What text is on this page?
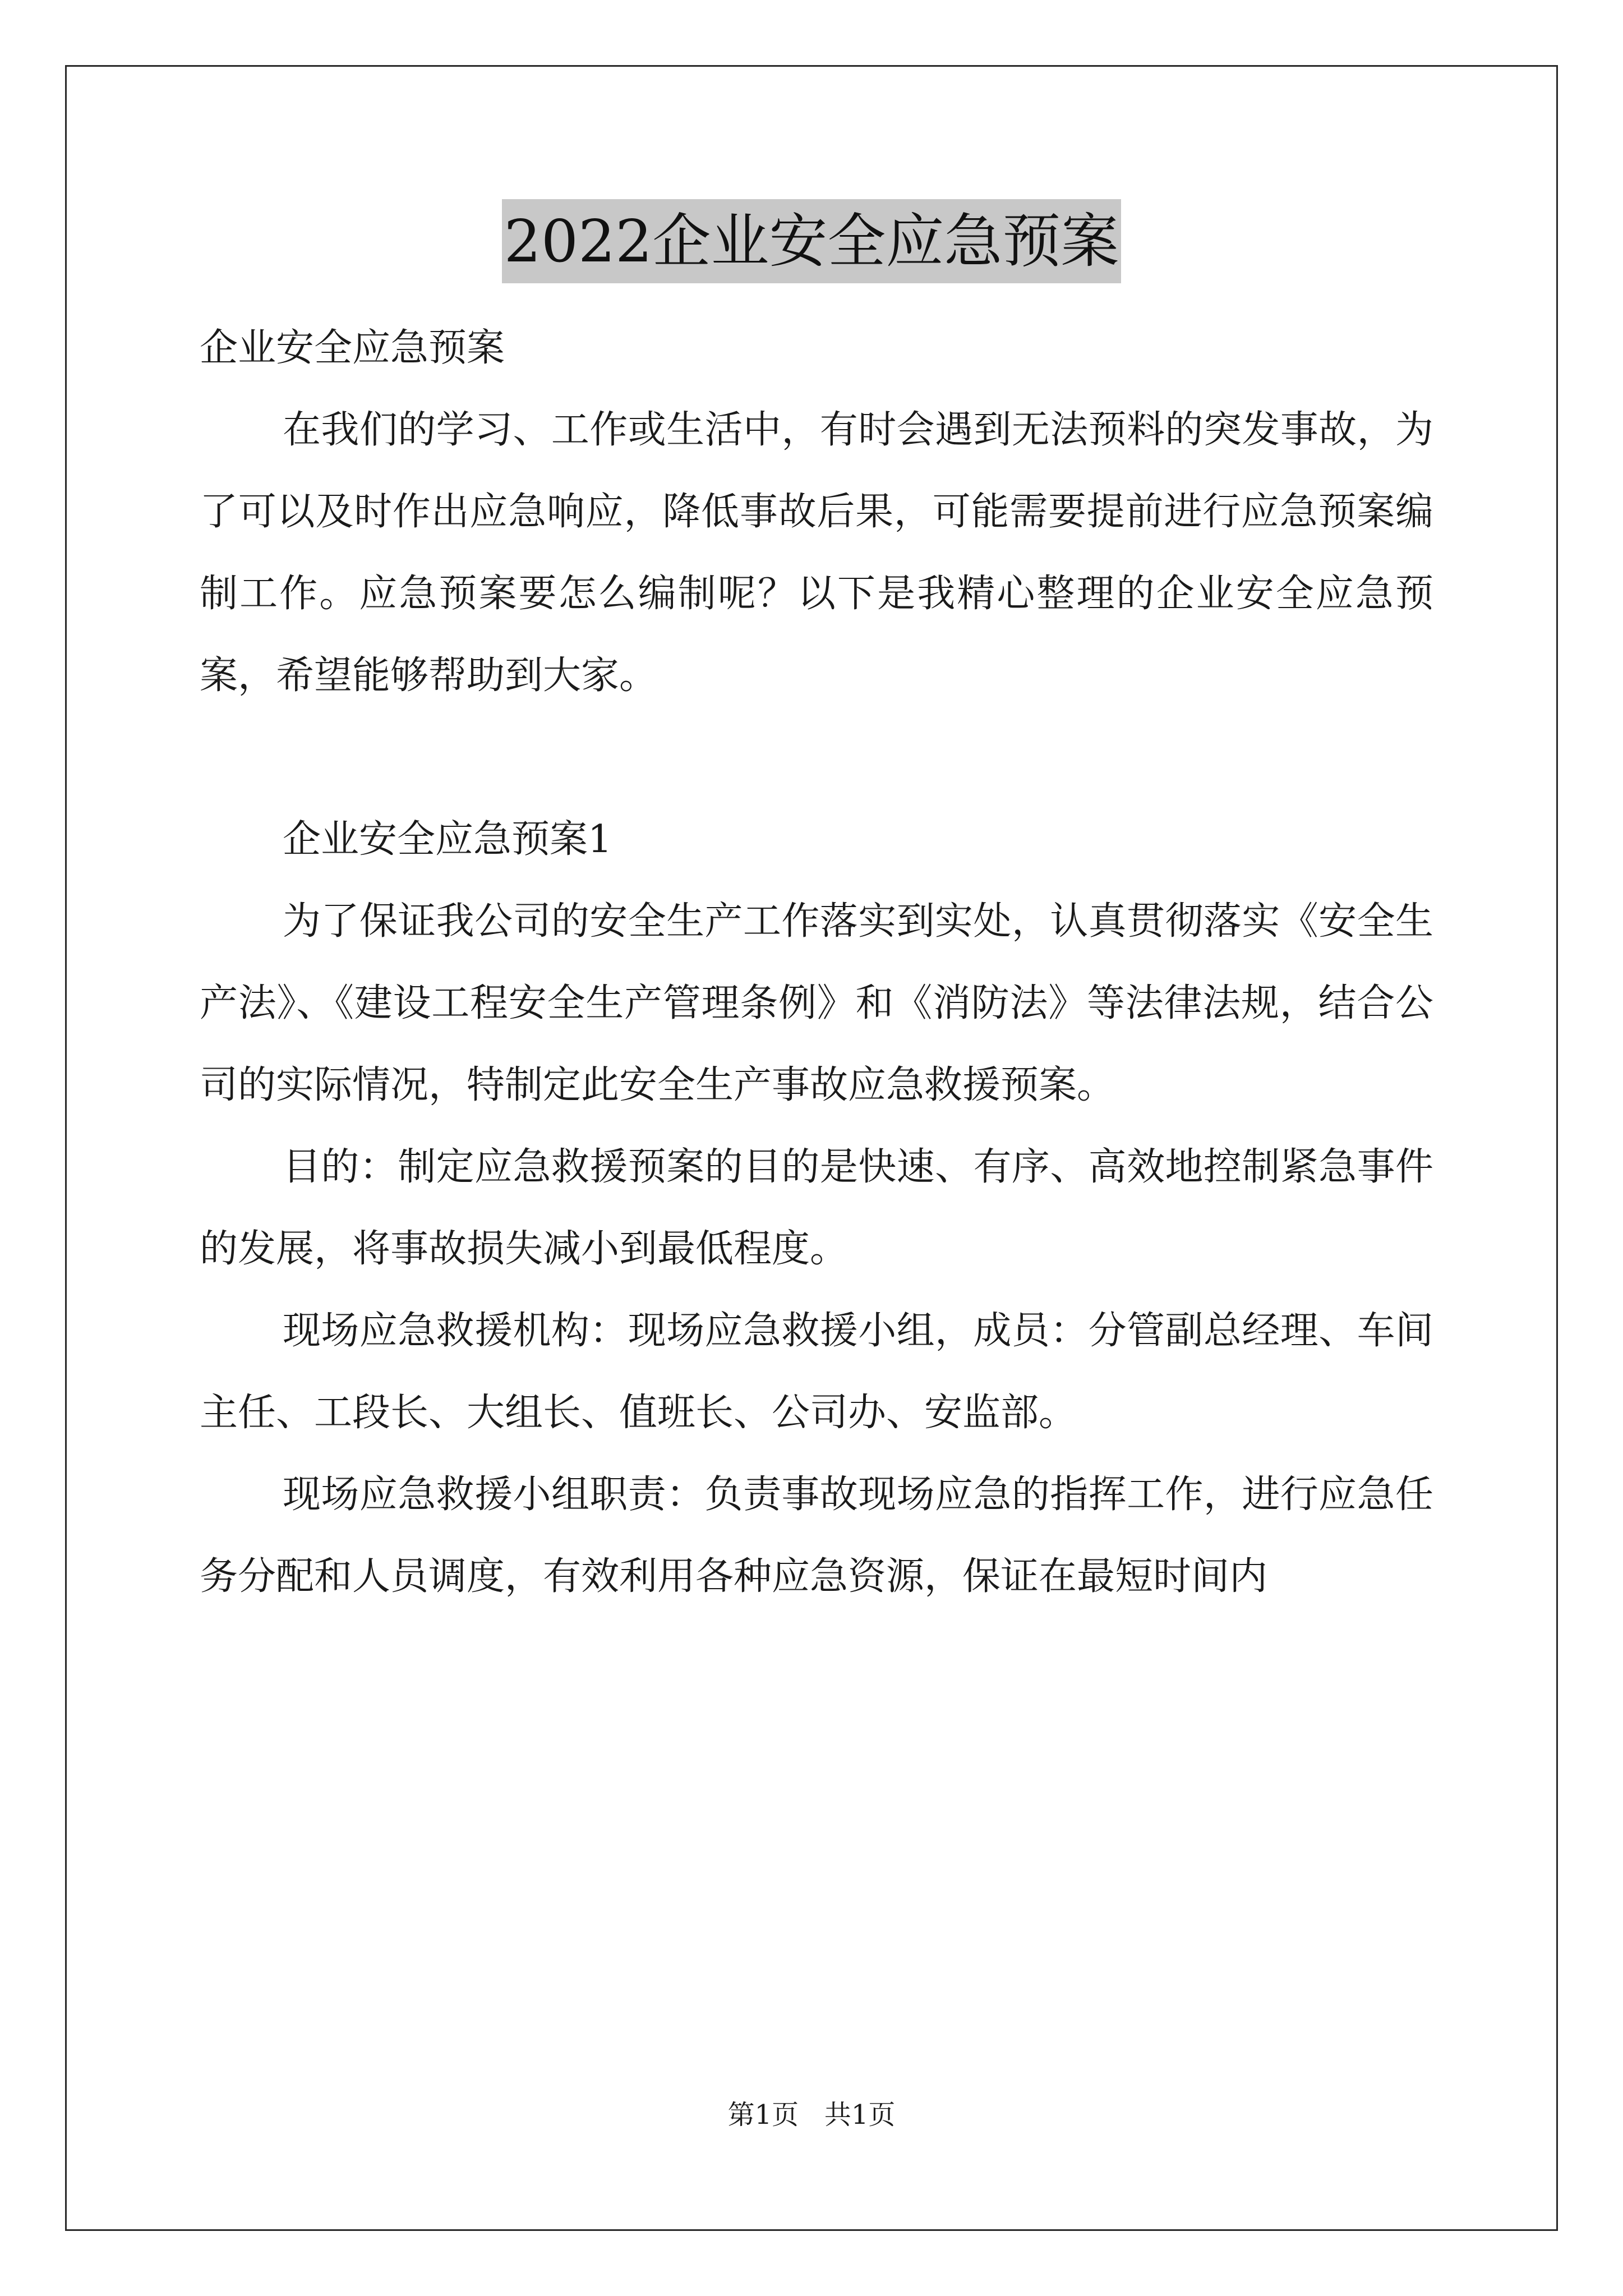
2022企业安全应急预案

企业安全应急预案

在我们的学习、工作或生活中，有时会遇到无法预料的突发事故，为了可以及时作出应急响应，降低事故后果，可能需要提前进行应急预案编制工作。应急预案要怎么编制呢？以下是我精心整理的企业安全应急预案，希望能够帮助到大家。

企业安全应急预案1

为了保证我公司的安全生产工作落实到实处，认真贯彻落实《安全生产法》、《建设工程安全生产管理条例》和《消防法》等法律法规，结合公司的实际情况，特制定此安全生产事故应急救援预案。

目的：制定应急救援预案的目的是快速、有序、高效地控制紧急事件的发展，将事故损失减小到最低程度。

现场应急救援机构：现场应急救援小组，成员：分管副总经理、车间主任、工段长、大组长、值班长、公司办、安监部。

现场应急救援小组职责：负责事故现场应急的指挥工作，进行应急任务分配和人员调度，有效利用各种应急资源，保证在最短时间内

第1页   共1页
